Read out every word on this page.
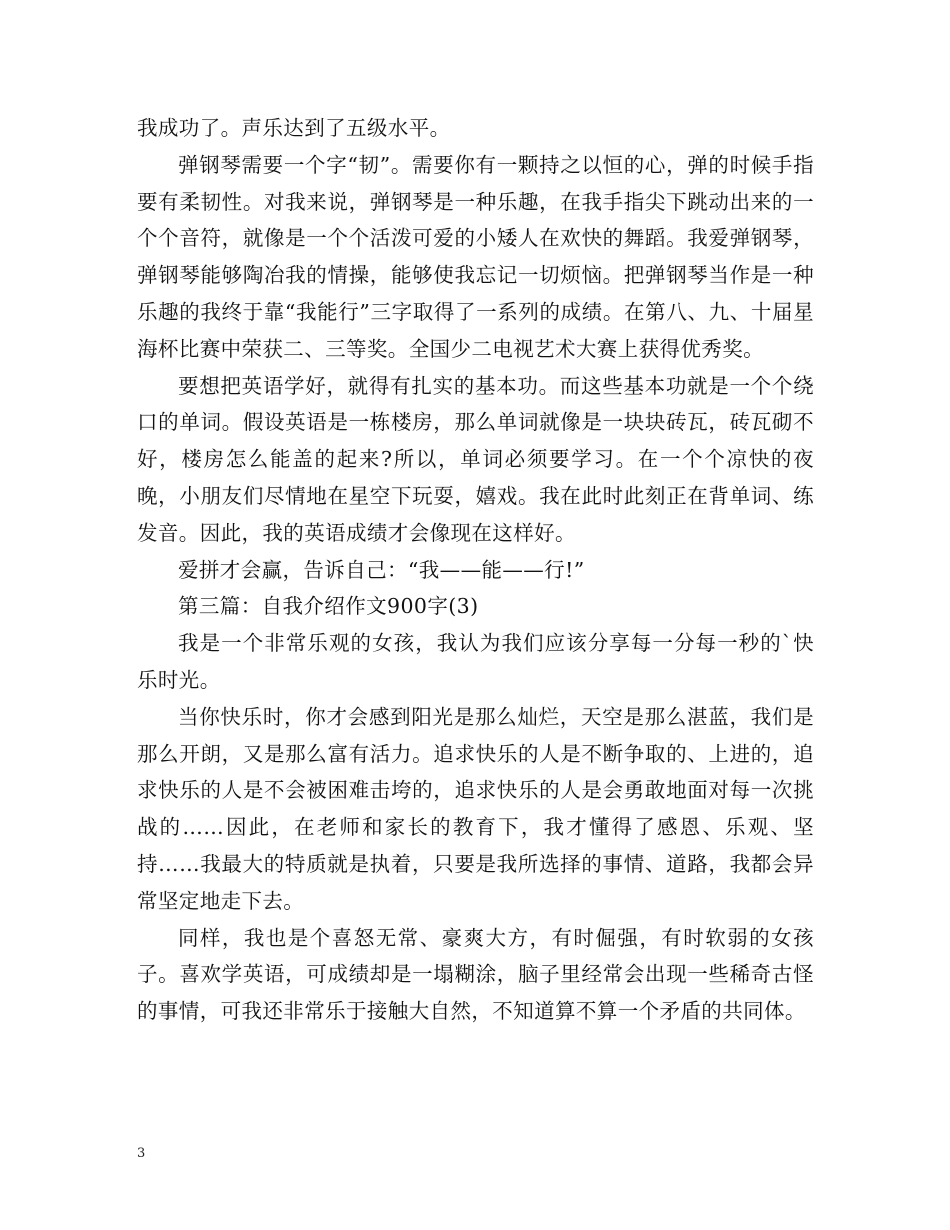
我成功了。声乐达到了五级水平。

弹钢琴需要一个字“韧”。需要你有一颗持之以恒的心，弹的时候手指要有柔韧性。对我来说，弹钢琴是一种乐趣，在我手指尖下跳动出来的一个个音符，就像是一个个活泼可爱的小矮人在欢快的舞蹈。我爱弹钢琴，弹钢琴能够陶冶我的情操，能够使我忘记一切烦恼。把弹钢琴当作是一种乐趣的我终于靠“我能行”三字取得了一系列的成绩。在第八、九、十届星海杯比赛中荣获二、三等奖。全国少二电视艺术大赛上获得优秀奖。

要想把英语学好，就得有扎实的基本功。而这些基本功就是一个个绕口的单词。假设英语是一栋楼房，那么单词就像是一块块砖瓦，砖瓦砌不好，楼房怎么能盖的起来?所以，单词必须要学习。在一个个凉快的夜晚，小朋友们尽情地在星空下玩耍，嬉戏。我在此时此刻正在背单词、练发音。因此，我的英语成绩才会像现在这样好。

爱拼才会赢，告诉自己：“我——能——行!”

第三篇：自我介绍作文900字(3)

我是一个非常乐观的女孩，我认为我们应该分享每一分每一秒的`快乐时光。

当你快乐时，你才会感到阳光是那么灿烂，天空是那么湛蓝，我们是那么开朗，又是那么富有活力。追求快乐的人是不断争取的、上进的，追求快乐的人是不会被困难击垮的，追求快乐的人是会勇敢地面对每一次挑战的……因此，在老师和家长的教育下，我才懂得了感恩、乐观、坚持……我最大的特质就是执着，只要是我所选择的事情、道路，我都会异常坚定地走下去。

同样，我也是个喜怒无常、豪爽大方，有时倔强，有时软弱的女孩子。喜欢学英语，可成绩却是一塌糊涂，脑子里经常会出现一些稀奇古怪的事情，可我还非常乐于接触大自然，不知道算不算一个矛盾的共同体。

3
